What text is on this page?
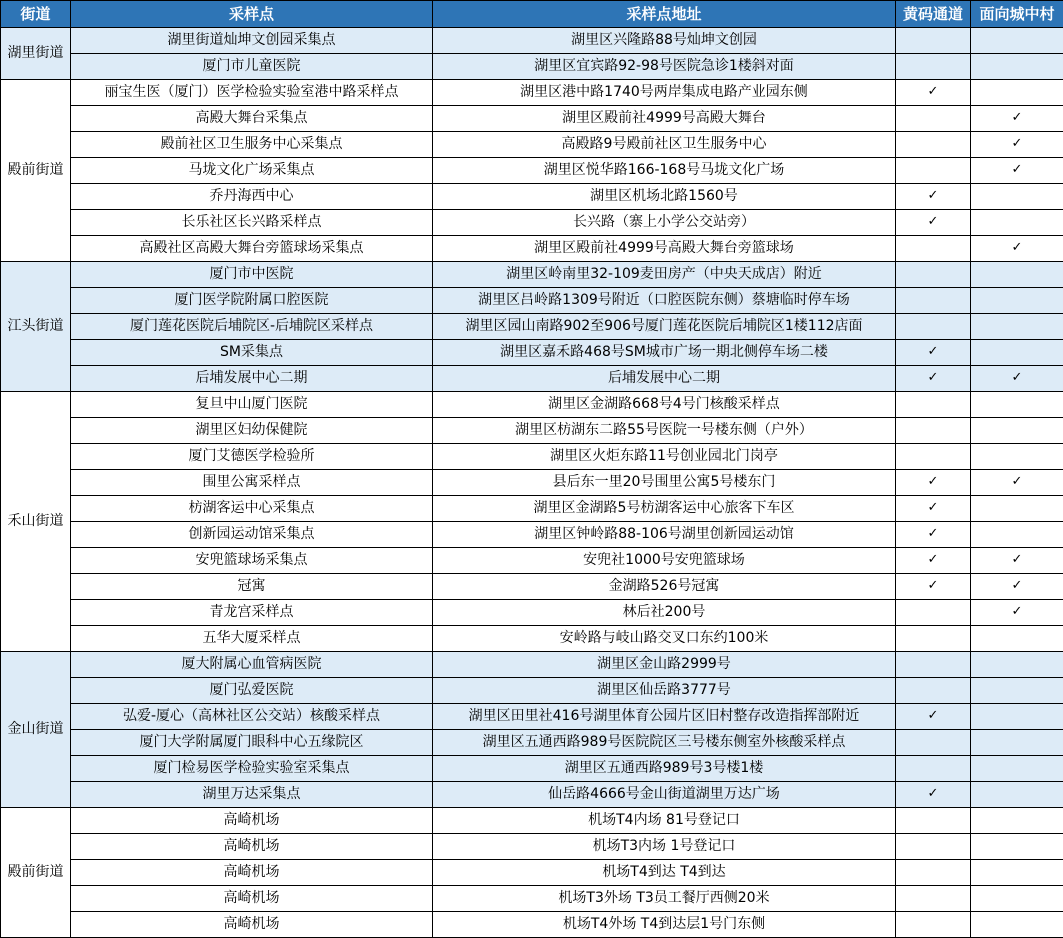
街道	采样点	采样点地址	黄码通道	面向城中村
湖里街道	湖里街道灿坤文创园采集点	湖里区兴隆路88号灿坤文创园		
	厦门市儿童医院	湖里区宜宾路92-98号医院急诊1楼斜对面		
殿前街道	丽宝生医（厦门）医学检验实验室港中路采样点	湖里区港中路1740号两岸集成电路产业园东侧	✓	
	高殿大舞台采集点	湖里区殿前社4999号高殿大舞台		✓
	殿前社区卫生服务中心采集点	高殿路9号殿前社区卫生服务中心		✓
	马垅文化广场采集点	湖里区悦华路166-168号马垅文化广场		✓
	乔丹海西中心	湖里区机场北路1560号	✓	
	长乐社区长兴路采样点	长兴路（寨上小学公交站旁）	✓	
	高殿社区高殿大舞台旁篮球场采集点	湖里区殿前社4999号高殿大舞台旁篮球场		✓
江头街道	厦门市中医院	湖里区岭南里32-109麦田房产（中央天成店）附近		
	厦门医学院附属口腔医院	湖里区吕岭路1309号附近（口腔医院东侧）蔡塘临时停车场		
	厦门莲花医院后埔院区-后埔院区采样点	湖里区园山南路902至906号厦门莲花医院后埔院区1楼112店面		
	SM采集点	湖里区嘉禾路468号SM城市广场一期北侧停车场二楼	✓	
	后埔发展中心二期	后埔发展中心二期	✓	✓
禾山街道	复旦中山厦门医院	湖里区金湖路668号4号门核酸采样点		
	湖里区妇幼保健院	湖里区枋湖东二路55号医院一号楼东侧（户外）		
	厦门艾德医学检验所	湖里区火炬东路11号创业园北门岗亭		
	围里公寓采样点	县后东一里20号围里公寓5号楼东门	✓	✓
	枋湖客运中心采集点	湖里区金湖路5号枋湖客运中心旅客下车区	✓	
	创新园运动馆采集点	湖里区钟岭路88-106号湖里创新园运动馆	✓	
	安兜篮球场采集点	安兜社1000号安兜篮球场	✓	✓
	冠寓	金湖路526号冠寓	✓	✓
	青龙宫采样点	林后社200号		✓
	五华大厦采样点	安岭路与岐山路交叉口东约100米		
金山街道	厦大附属心血管病医院	湖里区金山路2999号		
	厦门弘爱医院	湖里区仙岳路3777号		
	弘爱-厦心（高林社区公交站）核酸采样点	湖里区田里社416号湖里体育公园片区旧村整存改造指挥部附近	✓	
	厦门大学附属厦门眼科中心五缘院区	湖里区五通西路989号医院院区三号楼东侧室外核酸采样点		
	厦门检易医学检验实验室采集点	湖里区五通西路989号3号楼1楼		
	湖里万达采集点	仙岳路4666号金山街道湖里万达广场	✓	
殿前街道	高崎机场	机场T4内场 81号登记口		
	高崎机场	机场T3内场 1号登记口		
	高崎机场	机场T4到达 T4到达		
	高崎机场	机场T3外场 T3员工餐厅西侧20米		
	高崎机场	机场T4外场 T4到达层1号门东侧		
